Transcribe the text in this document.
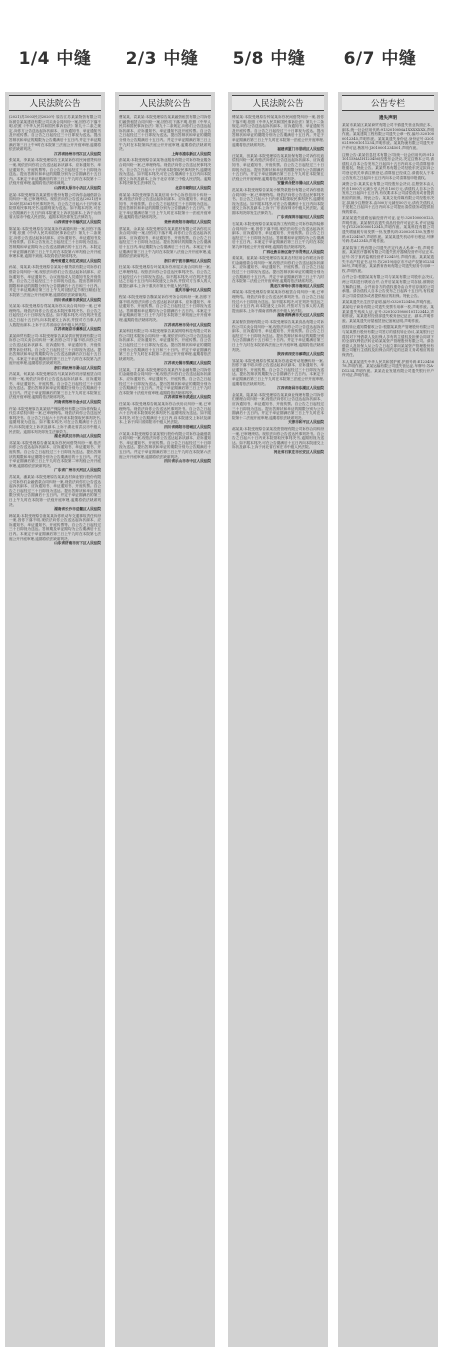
1/4 中缝	2/3 中缝	5/8 中缝	6/7 中缝
人民法院公告
(2021)苏1003民初2020号 原告江苏某某物资有限公司诉被告某某建设有限公司买卖合同纠纷一案,因你方下落不明,依照《中华人民共和国民事诉讼法》第九十二条之规定,向你方公告送达起诉状副本、应诉通知书、举证通知书及开庭传票。自公告之日起经过三十日即视为送达。提出答辩状和举证的期限为公告期满后十五日内,并定于举证期满后第三日上午9时在本院第三法庭公开开庭审理,逾期将依法缺席判决。
江苏省扬州市邗江区人民法院
张某某、李某某:本院受理原告王某某诉你们民间借贷纠纷一案,现依法向你们公告送达起诉状副本、应诉通知书、举证通知书、开庭传票等。自公告之日起经过三十日即视为送达。提出答辩状和举证的期限分别为公告期满后十五日内。本案定于举证期满后的第三日上午九时在本院第十二法庭开庭审理,逾期将依法缺席裁判。
山西省太原市小店区人民法院
赵某:本院受理原告某某银行股份有限公司诉你金融借款合同纠纷一案,已审理终结。现依法向你公告送达(2021)晋0105民初3561号民事判决书。自公告之日起六十日内来本院领取民事判决书,逾期则视为送达。如不服本判决,可在公告期满后十五日内向本院递交上诉状及副本,上诉于山西省太原市中级人民法院。逾期本判决即发生法律效力。
山西省晋中市榆次区人民法院
陈某某:本院受理原告刘某某诉你离婚纠纷一案,因你下落不明,依照《中华人民共和国民事诉讼法》第九十二条规定,向你公告送达起诉状副本、应诉通知书、举证通知书及开庭传票。自本公告发出之日起经过三十日即视为送达。答辩期和举证期均为公告送达期满后的十五日内。本院定于举证期满后第三日上午九时在本院第六审判庭公开开庭审理本案,逾期不到庭,本院将依法缺席判决。
贵州省遵义市红花岗区人民法院
孙某、周某某:本院受理原告某某小额贷款有限公司诉你们借款合同纠纷一案,现依法向你们公告送达起诉状副本、应诉通知书、举证通知书、合议庭组成人员通知书及开庭传票。自公告之日起经过三十日即视为送达。提出答辩状的期限和举证的期限分别为公告期满后十五日和三十日内。并定于举证期满后第三日上午九时(遇法定节假日顺延)在本院第三法庭公开开庭审理,逾期将依法缺席裁判。
四川省成都市武侯区人民法院
吴某某:本院受理原告郑某某诉你买卖合同纠纷一案,已审理终结。现依法向你公告送达本院民事判决书。自公告之日起经过六十日即视为送达。如不服本判决,可在判决书送达之日起十五日内,向本院递交上诉状,并按对方当事人的人数提出副本,上诉于江苏省南京市中级人民法院。
江苏省南京市秦淮区人民法院
某某商贸有限公司:本院受理原告某某供应链管理有限公司诉你公司买卖合同纠纷一案,因你公司下落不明,向你公司公告送达起诉状副本、应诉通知书、举证通知书、开庭传票等诉讼材料。自公告之日起经过三十日即视为送达。提出答辩状和举证的期限均为公告送达期满后次日起十五日内。本案定于举证期满后的第三日上午九时在本院第九法庭开庭审理,逾期将依法缺席判决。
浙江省杭州市萧山区人民法院
冯某某、何某某:本院受理原告马某某诉你们房屋租赁合同纠纷一案,现依法向你们公告送达起诉状副本、应诉通知书、举证通知书、开庭传票。自公告之日起经过三十日即视为送达。提出答辩状和举证的期限分别为公告期满后十五日内。并定于举证期满后的第三日上午九时在本院第五法庭开庭审理,逾期将依法缺席判决。
河南省郑州市金水区人民法院
许某:本院受理原告某某财产保险股份有限公司诉你保险人代位求偿权纠纷一案,已审理终结。现依法向你公告送达民事判决书。自公告之日起六十日内来本院领取民事判决书,逾期则视为送达。如不服本判决,可在公告期满后十五日内,向本院递交上诉状及副本,上诉于湖北省武汉市中级人民法院。逾期本判决即发生法律效力。
湖北省武汉市洪山区人民法院
邓某某:本院受理原告谢某某诉你民间借贷纠纷一案,依法向你公告送达起诉状副本、应诉通知书、举证通知书、开庭传票。自公告之日起经过三十日即视为送达。提出答辩状的期限和举证期限分别为公告期满后的十五日内。并定于举证期满后第三日上午九时在本院第二审判庭公开开庭审理,逾期将依法缺席判决。
广东省广州市天河区人民法院
苏某某、潘某某:本院受理原告某某农村商业银行股份有限公司诉你们金融借款合同纠纷一案,现依法向你们公告送达起诉状副本、应诉通知书、举证通知书、开庭传票。自公告之日起经过三十日即视为送达。提出答辩状和举证的期限分别为公告期满后十五日内。并定于举证期满后的第三日上午九时在本院第一法庭开庭审理,逾期将依法缺席判决。
湖南省长沙市岳麓区人民法院
韩某某:本院受理原告唐某某诉你机动车交通事故责任纠纷一案,因你下落不明,现依法向你公告送达起诉状副本、应诉通知书、举证通知书、开庭传票等。自公告之日起经过三十日即视为送达。答辩期及举证期均为公告期满后十五日内。本案定于举证期满后第三日上午九时在本院第七法庭公开开庭审理,逾期将依法缺席判决。
山东省济南市历下区人民法院
人民法院公告
曹某某、袁某某:本院受理原告某某融资租赁有限公司诉你们融资租赁合同纠纷一案,因你们下落不明,依照《中华人民共和国民事诉讼法》第九十二条规定,向你们公告送达起诉状副本、应诉通知书、举证通知书及开庭传票。自公告之日起经过三十日即视为送达。提出答辩状和举证的期限分别为公告期满后十五日内。并定于举证期满后第三日上午九时在本院第四法庭公开开庭审理,逾期将依法缺席判决。
上海市浦东新区人民法院
彭某某:本院受理原告某某物业服务有限公司诉你物业服务合同纠纷一案,已审理终结。现依法向你公告送达民事判决书。自公告之日起六十日内来本院领取民事判决书,逾期则视为送达。如不服本判决,可在公告期满后十五日内向本院递交上诉状及副本,上诉于北京市第三中级人民法院。逾期本判决即发生法律效力。
北京市朝阳区人民法院
蒋某某:本院受理原告某某信用卡中心诉你信用卡纠纷一案,现依法向你公告送达起诉状副本、应诉通知书、举证通知书、开庭传票。自公告之日起经过三十日即视为送达。提出答辩状和举证的期限分别为公告期满后十五日内。并定于举证期满后第三日上午九时在本院第十一法庭开庭审理,逾期将依法缺席判决。
贵州省贵阳市南明区人民法院
蔡某某、余某某:本院受理原告某某建材有限公司诉你们买卖合同纠纷一案,因你们下落不明,向你们公告送达起诉状副本、应诉通知书、举证通知书、开庭传票。自公告之日起经过三十日即视为送达。提出答辩状的期限为公告期满后十五日内,举证期限为公告期满后三十日内。本案定于举证期满后第三日上午九时在本院第八法庭公开开庭审理,逾期将依法缺席判决。
浙江省宁波市鄞州区人民法院
杜某某:本院受理原告叶某某诉你房屋买卖合同纠纷一案,已审理终结。现依法向你公告送达民事判决书。自公告之日起经过六十日即视为送达。如不服本判决,可在判决书送达之日起十五日内向本院递交上诉状,并按对方当事人的人数提出副本,上诉于重庆市第五中级人民法院。
重庆市渝中区人民法院
程某:本院受理原告魏某某诉你劳务合同纠纷一案,因你下落不明,现依法向你公告送达起诉状副本、应诉通知书、举证通知书、开庭传票。自公告之日起经过三十日即视为送达。答辩期和举证期均为公告期满后十五日内。本案定于举证期满后第三日上午九时在本院第三审判庭公开开庭审理,逾期将依法缺席判决。
江苏省苏州市吴中区人民法院
某某科技有限公司:本院受理原告某某网络科技有限公司诉你公司技术服务合同纠纷一案,现依法向你公司公告送达起诉状副本、应诉通知书、举证通知书、开庭传票。自公告之日起经过三十日即视为送达。提出答辩状和举证的期限分别为公告期满后十五日和三十日内。并定于举证期满后第三日上午九时在本院第二法庭公开开庭审理,逾期将依法缺席判决。
江苏省无锡市梁溪区人民法院
沈某某、丁某某:本院受理原告某某汽车金融有限公司诉你们金融借款合同纠纷一案,现依法向你们公告送达起诉状副本、应诉通知书、举证通知书、开庭传票。自公告之日起经过三十日即视为送达。提出答辩状和举证的期限分别为公告期满后十五日内。并定于举证期满后第三日上午九时在本院第十法庭开庭审理,逾期将依法缺席判决。
江苏省常州市武进区人民法院
任某某:本院受理原告姚某某诉你合伙协议纠纷一案,已审理终结。现依法向你公告送达民事判决书。自公告之日起六十日内来本院领取民事判决书,逾期则视为送达。如不服本判决,可在公告期满后十五日内,向本院递交上诉状及副本,上诉于四川省绵阳市中级人民法院。
四川省绵阳市涪城区人民法院
卢某某:本院受理原告某某银行股份有限公司诉你金融借款合同纠纷一案,现依法向你公告送达起诉状副本、应诉通知书、举证通知书、开庭传票。自公告之日起经过三十日即视为送达。提出答辩状和举证的期限分别为公告期满后十五日内。并定于举证期满后第三日上午九时在本院第六法庭公开开庭审理,逾期将依法缺席判决。
四川省乐山市市中区人民法院
人民法院公告
傅某某:本院受理原告钟某某诉你民间借贷纠纷一案,因你下落不明,依照《中华人民共和国民事诉讼法》第九十二条规定,向你公告送达起诉状副本、应诉通知书、举证通知书及开庭传票。自公告之日起经过三十日即视为送达。提出答辩状和举证的期限分别为公告期满后十五日内。并定于举证期满后第三日上午九时在本院第一法庭公开开庭审理,逾期将依法缺席判决。
福建省厦门市思明区人民法院
汪某某、田某某:本院受理原告某某担保有限公司诉你们追偿权纠纷一案,现依法向你们公告送达起诉状副本、应诉通知书、举证通知书、开庭传票。自公告之日起经过三十日即视为送达。提出答辩状和举证的期限分别为公告期满后十五日内。并定于举证期满后第三日上午九时在本院第五法庭公开开庭审理,逾期将依法缺席判决。
安徽省合肥市蜀山区人民法院
范某某:本院受理原告某某小额贷款股份有限公司诉你借款合同纠纷一案,已审理终结。现依法向你公告送达民事判决书。自公告之日起六十日内来本院领取民事判决书,逾期则视为送达。如不服本判决,可在公告期满后十五日内向本院递交上诉状及副本,上诉于广东省深圳市中级人民法院。逾期本判决即发生法律效力。
广东省深圳市福田区人民法院
石某某:本院受理原告某某装饰工程有限公司诉你装饰装修合同纠纷一案,因你下落不明,现依法向你公告送达起诉状副本、应诉通知书、举证通知书、开庭传票。自公告之日起经过三十日即视为送达。答辩期和举证期均为公告期满后十五日内。本案定于举证期满后第三日上午九时在本院第九审判庭公开开庭审理,逾期将依法缺席判决。
广西壮族自治区南宁市青秀区人民法院
姜某某、崔某某:本院受理原告某某农村信用合作联社诉你们金融借款合同纠纷一案,现依法向你们公告送达起诉状副本、应诉通知书、举证通知书、开庭传票。自公告之日起经过三十日即视为送达。提出答辩状和举证的期限分别为公告期满后十五日内。并定于举证期满后第三日上午九时在本院第二法庭公开开庭审理,逾期将依法缺席判决。
黑龙江省哈尔滨市南岗区人民法院
谭某某:本院受理原告廖某某诉你租赁合同纠纷一案,已审理终结。现依法向你公告送达民事判决书。自公告之日起经过六十日即视为送达。如不服本判决,可在判决书送达之日起十五日内,向本院递交上诉状,并按对方当事人的人数提出副本,上诉于湖南省株洲市中级人民法院。
湖南省株洲市天元区人民法院
某某餐饮管理有限公司:本院受理原告某某食品有限公司诉你公司买卖合同纠纷一案,现依法向你公司公告送达起诉状副本、应诉通知书、举证通知书、开庭传票。自公告之日起经过三十日即视为送达。提出答辩状和举证的期限分别为公告期满后十五日和三十日内。并定于举证期满后第三日上午九时在本院第四法庭公开开庭审理,逾期将依法缺席判决。
陕西省西安市雁塔区人民法院
邹某某:本院受理原告熊某某诉你追索劳动报酬纠纷一案,因你下落不明,向你公告送达起诉状副本、应诉通知书、举证通知书、开庭传票。自公告之日起经过三十日即视为送达。提出答辩状的期限为公告期满后十五日内。本案定于举证期满后第三日上午九时在本院第三法庭公开开庭审理,逾期将依法缺席判决。
江西省南昌市东湖区人民法院
金某某、陆某某:本院受理原告某某商业保理有限公司诉你们保理合同纠纷一案,现依法向你们公告送达起诉状副本、应诉通知书、举证通知书、开庭传票。自公告之日起经过三十日即视为送达。提出答辩状和举证的期限分别为公告期满后十五日内。并定于举证期满后第三日上午九时在本院第十二法庭开庭审理,逾期将依法缺席判决。
天津市和平区人民法院
郝某某:本院受理原告某某投资管理有限公司诉你合同纠纷一案,已审理终结。现依法向你公告送达民事判决书。自公告之日起六十日内来本院领取民事判决书,逾期则视为送达。如不服本判决,可在公告期满后十五日内向本院递交上诉状及副本,上诉于河北省石家庄市中级人民法院。
河北省石家庄市长安区人民法院
公告专栏
遗失声明
某某市某某区某某商贸有限公司不慎遗失营业执照正本、副本,统一社会信用代码:91320100MA1XXXXXXX,声明作废。某某建筑工程有限公司遗失公章一枚,编号:3201000012345,声明作废。某某某遗失身份证,身份证号:320102199001011234,声明作废。某某物流有限公司遗失开户许可证,核准号:J3010001234501,声明作废。
注销公告:某某信息技术有限公司(统一社会信用代码:91310115MA1H123456)经股东会决议,决定注销本公司,请债权人自本公告发布之日起四十五日内向本公司清算组申报债权。特此公告。某某贸易有限公司经股东决定拟向公司登记机关申请注销登记,清算组已经成立,请债权人于本公告发布之日起四十五日内向本公司清算组申报债权。
减资公告:某某实业有限公司经股东会决议,注册资本由人民币1000万元减少至人民币100万元,请债权人自本公告发布之日起四十五日内,有权要求本公司清偿债务或者提供相应的担保。特此公告。某某文化传媒有限公司经股东决定,拟减少注册资本,由500万元减至50万元,请有关债权人于见报之日起四十五日内向本公司提出清偿债务或提供担保的要求。
某某某遗失道路运输经营许可证,证号:320100000123,声明作废。某某餐饮店遗失食品经营许可证正本,许可证编号:JY13201000012345,声明作废。某某科技有限公司遗失增值税专用发票一份,发票代码:3200201130,发票号码:01234567,声明作废。某某某遗失机动车行驶证,号牌号码:苏A12345,声明作废。
某某装饰工程有限公司遗失法定代表人私章一枚,声明作废。某某医疗器械有限公司遗失医疗器械经营许可证正本,证号:苏宁食药监械经营许12345号,声明作废。某某某遗失不动产权证书,证号:苏(2019)南京市不动产权第0123456号,声明作废。某某教育咨询有限公司遗失财务专用章一枚,声明作废。
合并公告:根据某某有限公司与某某有限公司股东会决议,两公司拟进行吸收合并,合并后某某有限公司存续,被吸收方解散注销。合并前各方的债权债务由合并后存续的公司承继。请各债权人自本公告发布之日起四十五日内,有权要求公司清偿债务或者提供相应的担保。特此公告。
某某某遗失出生医学证明,编号:O320123456,声明作废。某某电子商务有限公司遗失发票专用章一枚,声明作废。某某某遗失残疾人证,证号:32010219800101123442,声明作废。某某建材经营部遗失税务登记证正、副本,声明作废。某某某遗失房屋租赁登记备案证明,声明作废。
债权转让通知暨催收公告:根据某某资产管理股份有限公司与某某银行股份有限公司签订的债权转让协议,某某银行已将其对下列借款人及担保人享有的主债权及担保合同项下的全部权利依法转让给某某资产管理股份有限公司。请各借款人及担保人从公告之日起立即向某某资产管理股份有限公司履行主债权及担保合同约定的还款义务或相应的担保责任。
本人某某某遗失中华人民共和国护照,护照号码:E12345678,声明作废。某某运输有限公司遗失营运证,车牌号:苏A·D1234,声明作废。某某农业发展有限公司遗失银行开户许可证,声明作废。
